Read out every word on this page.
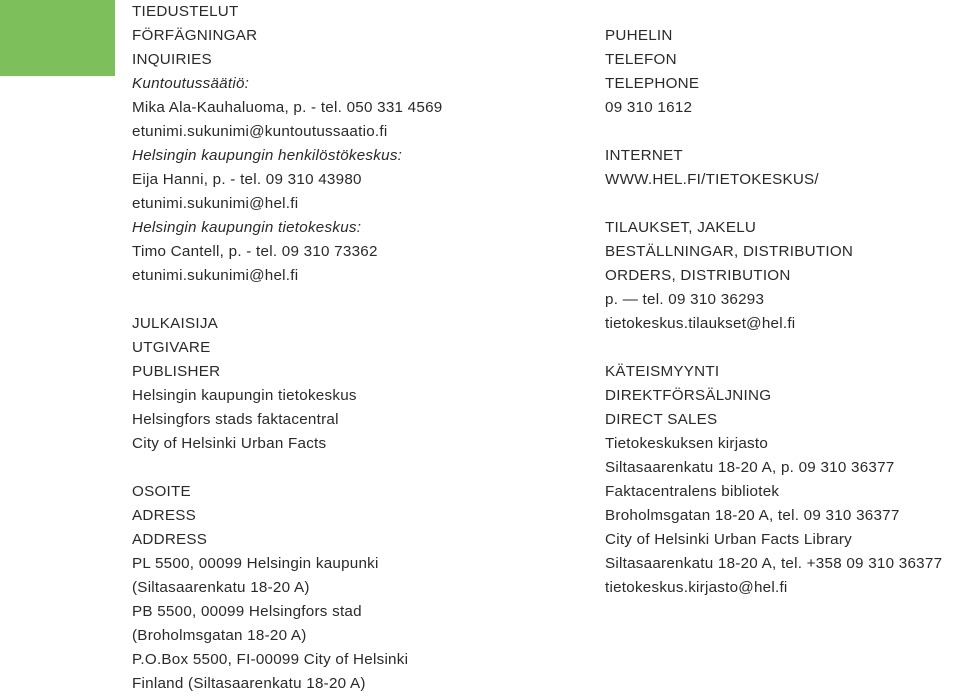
TIEDUSTELUT
FÖRFÄGNINGAR
INQUIRIES
Kuntoutussäätiö:
Mika Ala-Kauhaluoma, p. - tel. 050 331 4569
etunimi.sukunimi@kuntoutussaatio.fi
Helsingin kaupungin henkilöstökeskus:
Eija Hanni, p. - tel. 09 310 43980
etunimi.sukunimi@hel.fi
Helsingin kaupungin tietokeskus:
Timo Cantell, p. - tel. 09 310 73362
etunimi.sukunimi@hel.fi
JULKAISIJA
UTGIVARE
PUBLISHER
Helsingin kaupungin tietokeskus
Helsingfors stads faktacentral
City of Helsinki Urban Facts
OSOITE
ADRESS
ADDRESS
PL 5500, 00099 Helsingin kaupunki
(Siltasaarenkatu 18-20 A)
PB 5500, 00099 Helsingfors stad
(Broholmsgatan 18-20 A)
P.O.Box 5500, FI-00099 City of Helsinki
Finland (Siltasaarenkatu 18-20 A)
PUHELIN
TELEFON
TELEPHONE
09 310 1612
INTERNET
WWW.HEL.FI/TIETOKESKUS/
TILAUKSET, JAKELU
BESTÄLLNINGAR, DISTRIBUTION
ORDERS, DISTRIBUTION
p. — tel. 09 310 36293
tietokeskus.tilaukset@hel.fi
KÄTEISMYYNTI
DIREKTFÖRSÄLJNING
DIRECT SALES
Tietokeskuksen kirjasto
Siltasaarenkatu 18-20 A, p. 09 310 36377
Faktacentralens bibliotek
Broholmsgatan 18-20 A, tel. 09 310 36377
City of Helsinki Urban Facts Library
Siltasaarenkatu 18-20 A, tel. +358 09 310 36377
tietokeskus.kirjasto@hel.fi
